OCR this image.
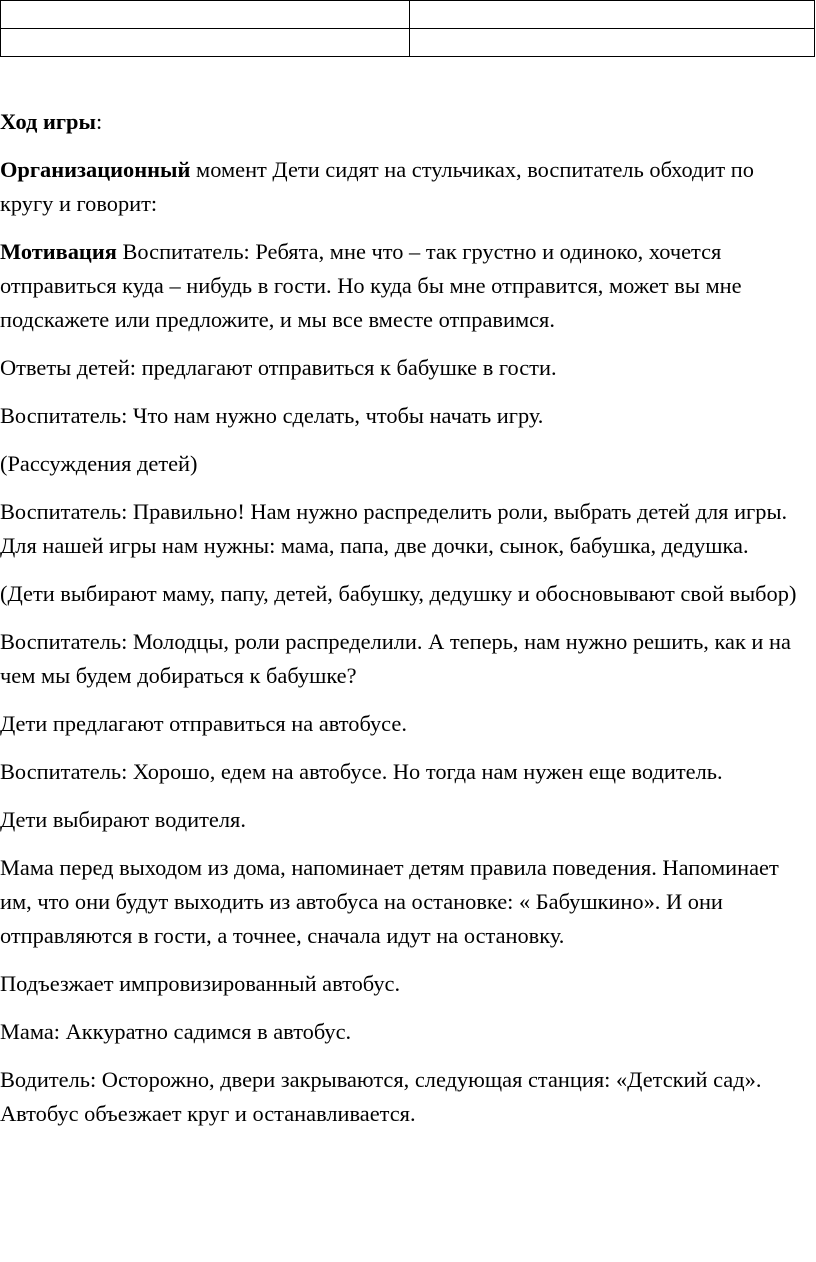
Ход игры:

Организационный момент Дети сидят на стульчиках, воспитатель обходит по кругу и говорит:

Мотивация Воспитатель: Ребята, мне что – так грустно и одиноко, хочется отправиться куда – нибудь в гости. Но куда бы мне отправится, может вы мне подскажете или предложите, и мы все вместе отправимся.

Ответы детей: предлагают отправиться к бабушке в гости.

Воспитатель: Что нам нужно сделать, чтобы начать игру.

(Рассуждения детей)

Воспитатель: Правильно! Нам нужно распределить роли, выбрать детей для игры. Для нашей игры нам нужны: мама, папа, две дочки, сынок, бабушка, дедушка.

(Дети выбирают маму, папу, детей, бабушку, дедушку и обосновывают свой выбор)

Воспитатель: Молодцы, роли распределили. А теперь, нам нужно решить, как и на чем мы будем добираться к бабушке?

Дети предлагают отправиться на автобусе.

Воспитатель: Хорошо, едем на автобусе. Но тогда нам нужен еще водитель.

Дети выбирают водителя.

Мама перед выходом из дома, напоминает детям правила поведения. Напоминает им, что они будут выходить из автобуса на остановке: « Бабушкино». И они отправляются в гости, а точнее, сначала идут на остановку.

Подъезжает импровизированный автобус.

Мама: Аккуратно садимся в автобус.

Водитель: Осторожно, двери закрываются, следующая станция: «Детский сад». Автобус объезжает круг и останавливается.
